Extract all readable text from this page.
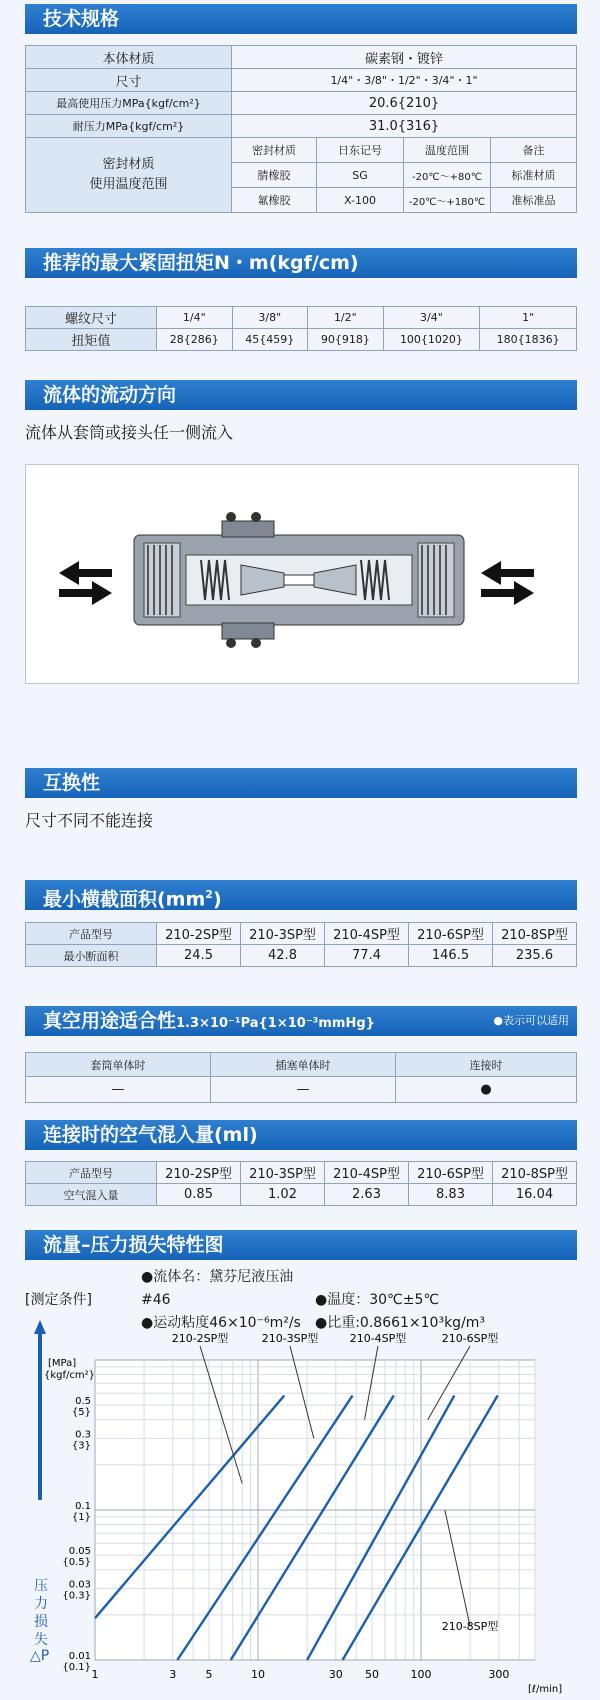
技术规格
本体材质	碳素钢・镀锌			
尺寸	1/4"・3/8"・1/2"・3/4"・1"			
最高使用压力MPa{kgf/cm²}	20.6{210}			
耐压力MPa{kgf/cm²}	31.0{316}			

密封材质
使用温度范围	密封材质	日东记号	温度范围	备注
	腈橡胶	SG	-20℃～+80℃	标准材质
	氟橡胶	X-100	-20℃～+180℃	准标准品
推荐的最大紧固扭矩N・m(kgf/cm)
螺纹尺寸	1/4"	3/8"	1/2"	3/4"	1"
扭矩值	28{286}	45{459}	90{918}	100{1020}	180{1836}
流体的流动方向
流体从套筒或接头任一侧流入
互换性
尺寸不同不能连接
最小横截面积$(mm^2)$
产品型号	210-2SP型	210-3SP型	210-4SP型	210-6SP型	210-8SP型
最小断面积	24.5	42.8	77.4	146.5	235.6
真空用途适合性1.3×10⁻¹Pa{1×10⁻³mmHg}	●表示可以适用
套筒单体时	插塞单体时	连接时
—	—	●
连接时的空气混入量(ml)
产品型号	210-2SP型	210-3SP型	210-4SP型	210-6SP型	210-8SP型
空气混入量	0.85	1.02	2.63	8.83	16.04
流量–压力损失特性图
[测定条件]●流体名：黛芬尼液压油#46	●温度：30℃±5℃
●运动粘度46×10⁻⁶m²/s ●比重:0.8661×10³kg/m³
压力损失
△P
[MPa]
{kgf/cm²}
[ℓ/min]
1	3	5	10	30 50	100	300
0.5
{5}
0.3
{3}
0.1
{1}
0.05
{0.5}
0.03
{0.3}
0.01
{0.1}
210-2SP型	210-3SP型	210-4SP型	210-6SP型
210-8SP型
